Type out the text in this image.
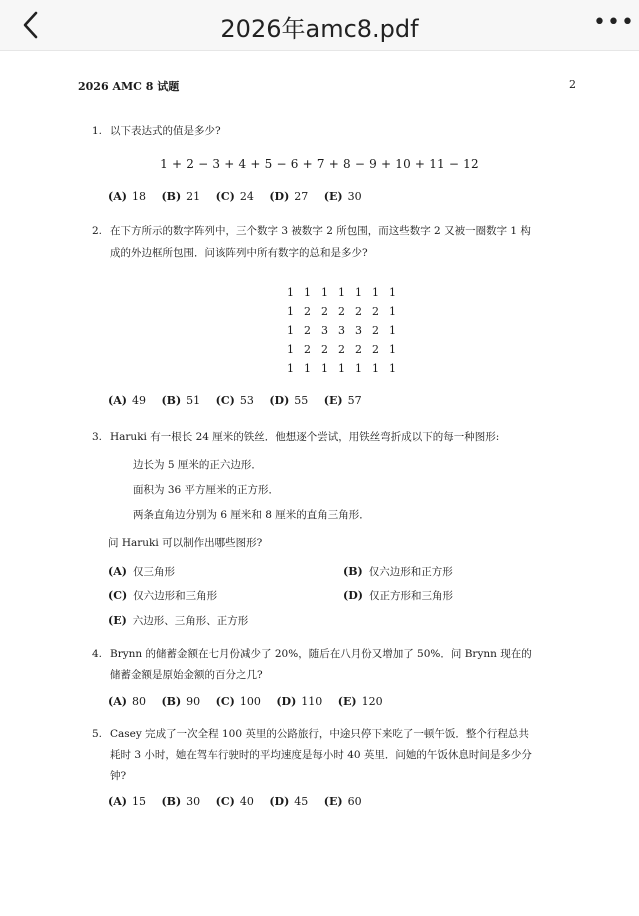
2026年amc8.pdf	•••
2026 AMC 8 试题	2
1. 以下表达式的值是多少?
1 + 2 − 3 + 4 + 5 − 6 + 7 + 8 − 9 + 10 + 11 − 12
(A) 18 (B) 21 (C) 24 (D) 27 (E) 30
2. 在下方所示的数字阵列中，三个数字 3 被数字 2 所包围，而这些数字 2 又被一圈数字 1 构
成的外边框所包围．问该阵列中所有数字的总和是多少?
1	1	1	1	1	1	1
1	2	2	2	2	2	1
1	2	3	3	3	2	1
1	2	2	2	2	2	1
1	1	1	1	1	1	1
(A) 49 (B) 51 (C) 53 (D) 55 (E) 57
3. Haruki 有一根长 24 厘米的铁丝．他想逐个尝试，用铁丝弯折成以下的每一种图形:
边长为 5 厘米的正六边形．
面积为 36 平方厘米的正方形．
两条直角边分别为 6 厘米和 8 厘米的直角三角形．
问 Haruki 可以制作出哪些图形?
(A) 仅三角形	(B) 仅六边形和正方形
(C) 仅六边形和三角形	(D) 仅正方形和三角形
(E) 六边形、三角形、正方形
4. Brynn 的储蓄金额在七月份减少了 20%，随后在八月份又增加了 50%．问 Brynn 现在的
储蓄金额是原始金额的百分之几?
(A) 80 (B) 90 (C) 100 (D) 110 (E) 120
5. Casey 完成了一次全程 100 英里的公路旅行，中途只停下来吃了一顿午饭．整个行程总共
耗时 3 小时，她在驾车行驶时的平均速度是每小时 40 英里．问她的午饭休息时间是多少分
钟?
(A) 15 (B) 30 (C) 40 (D) 45 (E) 60
